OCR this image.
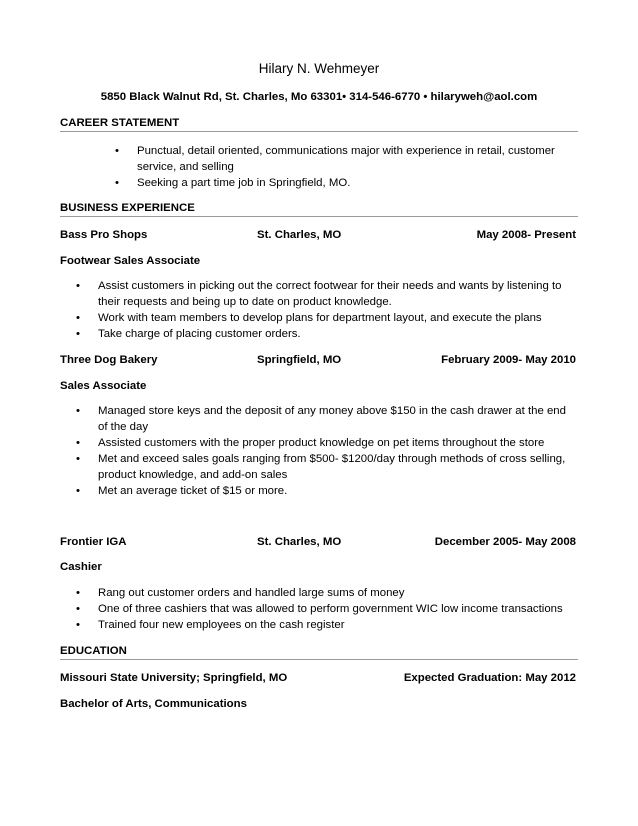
Hilary N. Wehmeyer
5850 Black Walnut Rd, St. Charles, Mo 63301• 314-546-6770 • hilaryweh@aol.com
CAREER STATEMENT
• Punctual, detail oriented, communications major with experience in retail, customer service, and selling
• Seeking a part time job in Springfield, MO.
BUSINESS EXPERIENCE
Bass Pro Shops	St. Charles, MO	May 2008- Present
Footwear Sales Associate
• Assist customers in picking out the correct footwear for their needs and wants by listening to their requests and being up to date on product knowledge.
• Work with team members to develop plans for department layout, and execute the plans
• Take charge of placing customer orders.
Three Dog Bakery	Springfield, MO	February 2009- May 2010
Sales Associate
• Managed store keys and the deposit of any money above $150 in the cash drawer at the end of the day
• Assisted customers with the proper product knowledge on pet items throughout the store
• Met and exceed sales goals ranging from $500- $1200/day through methods of cross selling, product knowledge, and add-on sales
• Met an average ticket of $15 or more.
Frontier IGA	St. Charles, MO	December 2005- May 2008
Cashier
• Rang out customer orders and handled large sums of money
• One of three cashiers that was allowed to perform government WIC low income transactions
• Trained four new employees on the cash register
EDUCATION
Missouri State University; Springfield, MO	Expected Graduation: May 2012
Bachelor of Arts, Communications
